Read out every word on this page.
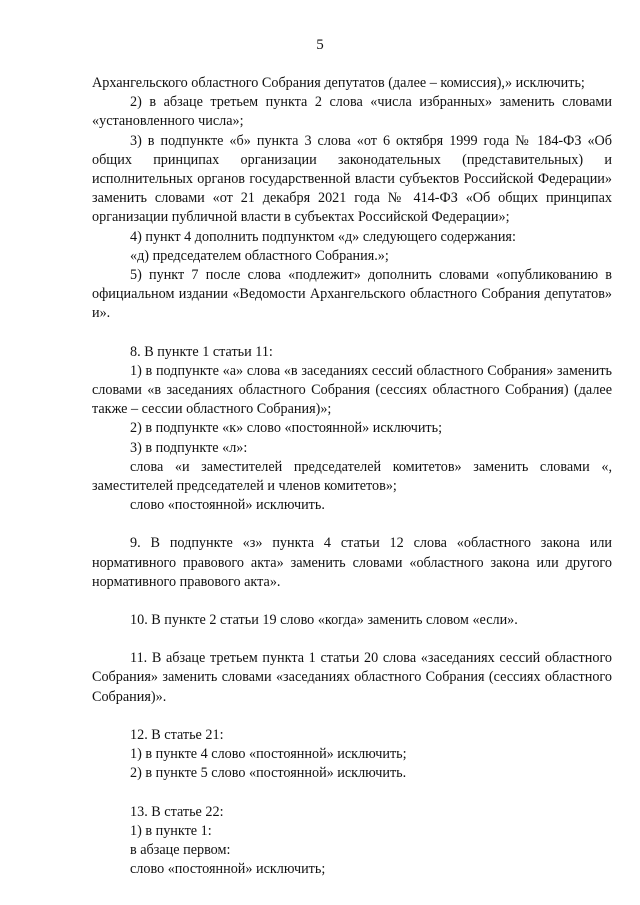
5

Архангельского областного Собрания депутатов (далее – комиссия),» исключить;

2) в абзаце третьем пункта 2 слова «числа избранных» заменить словами «установленного числа»;

3) в подпункте «б» пункта 3 слова «от 6 октября 1999 года № 184-ФЗ «Об общих принципах организации законодательных (представительных) и исполнительных органов государственной власти субъектов Российской Федерации» заменить словами «от 21 декабря 2021 года № 414-ФЗ «Об общих принципах организации публичной власти в субъектах Российской Федерации»;

4) пункт 4 дополнить подпунктом «д» следующего содержания:

«д) председателем областного Собрания.»;

5) пункт 7 после слова «подлежит» дополнить словами «опубликованию в официальном издании «Ведомости Архангельского областного Собрания депутатов» и».

8. В пункте 1 статьи 11:

1) в подпункте «а» слова «в заседаниях сессий областного Собрания» заменить словами «в заседаниях областного Собрания (сессиях областного Собрания) (далее также – сессии областного Собрания)»;

2) в подпункте «к» слово «постоянной» исключить;

3) в подпункте «л»:

слова «и заместителей председателей комитетов» заменить словами «, заместителей председателей и членов комитетов»;

слово «постоянной» исключить.

9. В подпункте «з» пункта 4 статьи 12 слова «областного закона или нормативного правового акта» заменить словами «областного закона или другого нормативного правового акта».

10. В пункте 2 статьи 19 слово «когда» заменить словом «если».

11. В абзаце третьем пункта 1 статьи 20 слова «заседаниях сессий областного Собрания» заменить словами «заседаниях областного Собрания (сессиях областного Собрания)».

12. В статье 21:

1) в пункте 4 слово «постоянной» исключить;

2) в пункте 5 слово «постоянной» исключить.

13. В статье 22:

1) в пункте 1:

в абзаце первом:

слово «постоянной» исключить;
